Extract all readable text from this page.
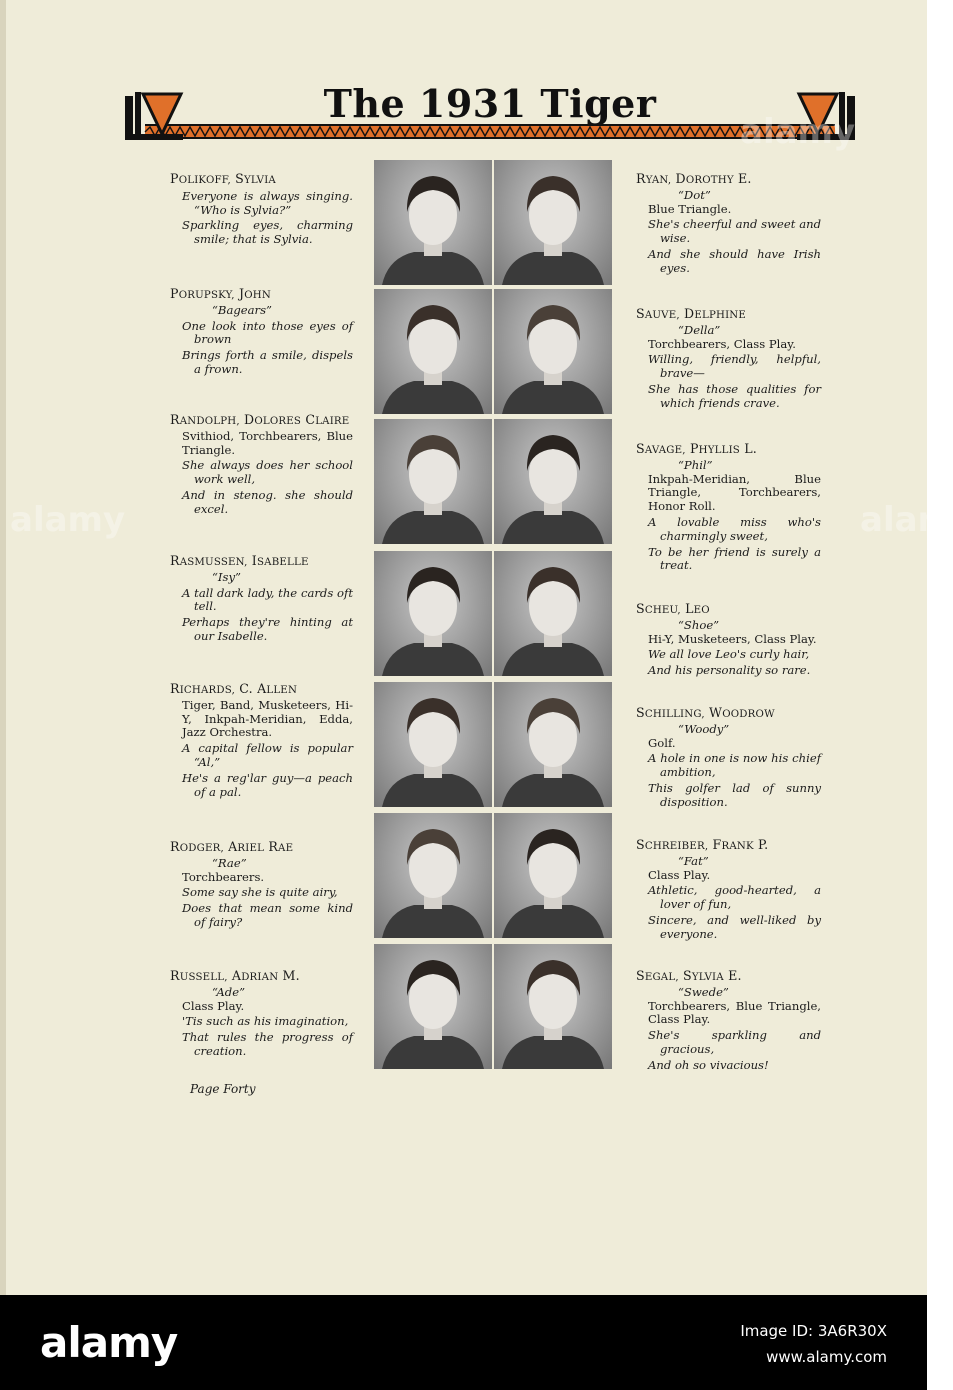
The 1931 Tiger
POLIKOFF, SYLVIA
Everyone is always singing. “Who is Sylvia?”
Sparkling eyes, charming smile; that is Sylvia.
PORUPSKY, JOHN
“Bagears”
One look into those eyes of brown
Brings forth a smile, dispels a frown.
RANDOLPH, DOLORES CLAIRE
Svithiod, Torchbearers, Blue Triangle.
She always does her school work well,
And in stenog. she should excel.
RASMUSSEN, ISABELLE
“Isy”
A tall dark lady, the cards oft tell.
Perhaps they're hinting at our Isabelle.
RICHARDS, C. ALLEN
Tiger, Band, Musketeers, Hi-Y, Inkpah-Meridian, Edda, Jazz Orchestra.
A capital fellow is popular “Al,”
He's a reg'lar guy—a peach of a pal.
RODGER, ARIEL RAE
“Rae”
Torchbearers.
Some say she is quite airy,
Does that mean some kind of fairy?
RUSSELL, ADRIAN M.
“Ade”
Class Play.
'Tis such as his imagination,
That rules the progress of creation.
RYAN, DOROTHY E.
“Dot”
Blue Triangle.
She's cheerful and sweet and wise.
And she should have Irish eyes.
SAUVE, DELPHINE
“Della”
Torchbearers, Class Play.
Willing, friendly, helpful, brave—
She has those qualities for which friends crave.
SAVAGE, PHYLLIS L.
“Phil”
Inkpah-Meridian, Blue Triangle, Torchbearers, Honor Roll.
A lovable miss who's charmingly sweet,
To be her friend is surely a treat.
SCHEU, LEO
“Shoe”
Hi-Y, Musketeers, Class Play.
We all love Leo's curly hair,
And his personality so rare.
SCHILLING, WOODROW
“Woody”
Golf.
A hole in one is now his chief ambition,
This golfer lad of sunny disposition.
SCHREIBER, FRANK P.
“Fat”
Class Play.
Athletic, good-hearted, a lover of fun,
Sincere, and well-liked by everyone.
SEGAL, SYLVIA E.
“Swede”
Torchbearers, Blue Triangle, Class Play.
She's sparkling and gracious,
And oh so vivacious!
Page Forty
alamy
alamy	alam
alamy	Image ID: 3A6R30X
www.alamy.com
